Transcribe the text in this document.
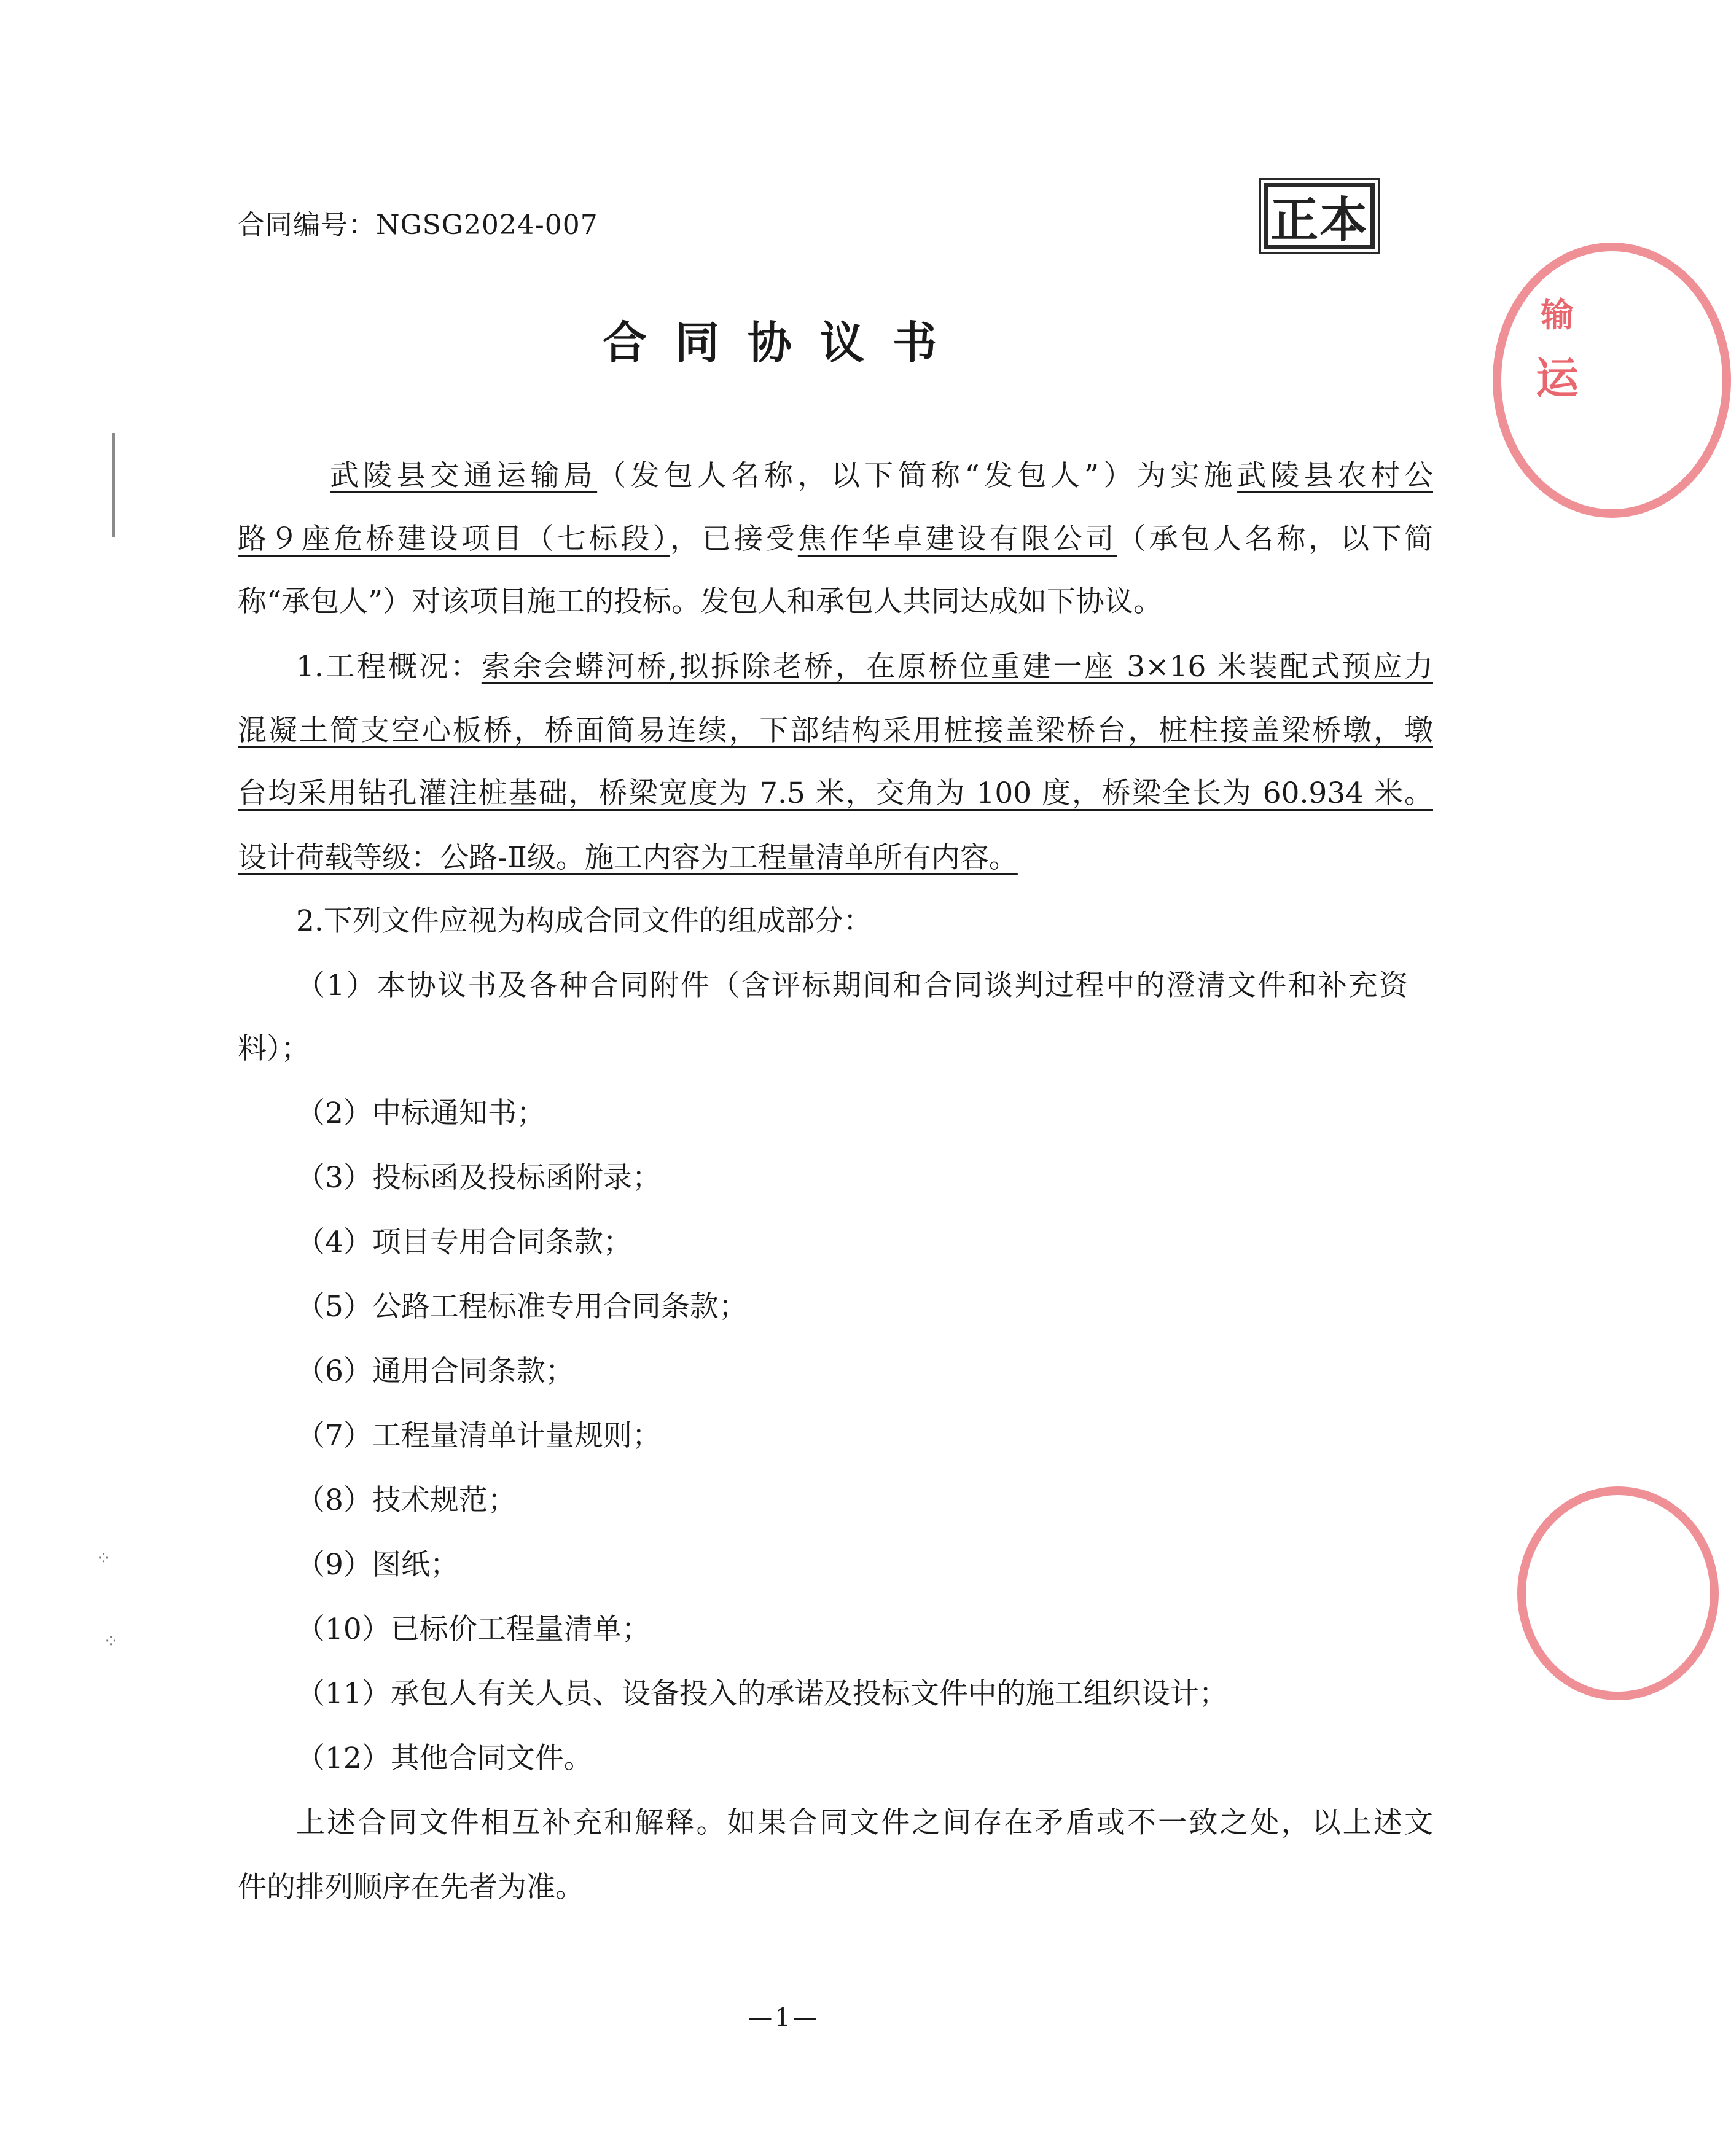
合同编号：NGSG2024-007	正本
运
输
⁘
⁘
合同协议书
武陵县交通运输局（发包人名称，以下简称“发包人”）为实施武陵县农村公
路９座危桥建设项目（七标段），已接受焦作华卓建设有限公司（承包人名称，以下简
称“承包人”）对该项目施工的投标。发包人和承包人共同达成如下协议。
1.工程概况：索余会蟒河桥,拟拆除老桥，在原桥位重建一座 3×16 米装配式预应力
混凝土简支空心板桥，桥面简易连续，下部结构采用桩接盖梁桥台，桩柱接盖梁桥墩，墩
台均采用钻孔灌注桩基础，桥梁宽度为 7.5 米，交角为 100 度，桥梁全长为 60.934 米。
设计荷载等级：公路-Ⅱ级。施工内容为工程量清单所有内容。
2.下列文件应视为构成合同文件的组成部分：
（1）本协议书及各种合同附件（含评标期间和合同谈判过程中的澄清文件和补充资
料）；
（2）中标通知书；
（3）投标函及投标函附录；
（4）项目专用合同条款；
（5）公路工程标准专用合同条款；
（6）通用合同条款；
（7）工程量清单计量规则；
（8）技术规范；
（9）图纸；
（10）已标价工程量清单；
（11）承包人有关人员、设备投入的承诺及投标文件中的施工组织设计；
（12）其他合同文件。
上述合同文件相互补充和解释。如果合同文件之间存在矛盾或不一致之处，以上述文
件的排列顺序在先者为准。
—1—
